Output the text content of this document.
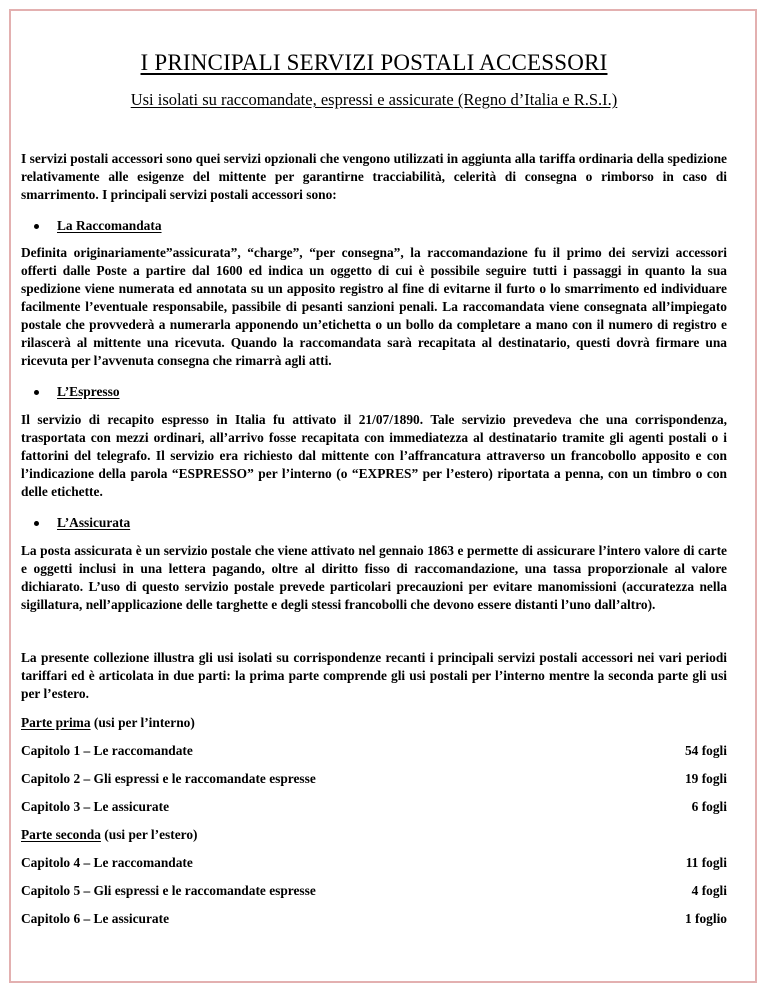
I PRINCIPALI SERVIZI POSTALI ACCESSORI
Usi isolati su raccomandate, espressi e assicurate (Regno d’Italia e R.S.I.)

I servizi postali accessori sono quei servizi opzionali che vengono utilizzati in aggiunta alla tariffa ordinaria della spedizione relativamente alle esigenze del mittente per garantirne tracciabilità, celerità di consegna o rimborso in caso di smarrimento. I principali servizi postali accessori sono:

La Raccomandata

Definita originariamente”assicurata”, “charge”, “per consegna”, la raccomandazione fu il primo dei servizi accessori offerti dalle Poste a partire dal 1600 ed indica un oggetto di cui è possibile seguire tutti i passaggi in quanto la sua spedizione viene numerata ed annotata su un apposito registro al fine di evitarne il furto o lo smarrimento ed individuare facilmente l’eventuale responsabile, passibile di pesanti sanzioni penali. La raccomandata viene consegnata all’impiegato postale che provvederà a numerarla apponendo un’etichetta o un bollo da completare a mano con il numero di registro e rilascerà al mittente una ricevuta. Quando la raccomandata sarà recapitata al destinatario, questi dovrà firmare una ricevuta per l’avvenuta consegna che rimarrà agli atti.

L’Espresso

Il servizio di recapito espresso in Italia fu attivato il 21/07/1890. Tale servizio prevedeva che una corrispondenza, trasportata con mezzi ordinari, all’arrivo fosse recapitata con immediatezza al destinatario tramite gli agenti postali o i fattorini del telegrafo. Il servizio era richiesto dal mittente con l’affrancatura attraverso un francobollo apposito e con l’indicazione della parola “ESPRESSO” per l’interno (o “EXPRES” per l’estero) riportata a penna, con un timbro o con delle etichette.

L’Assicurata

La posta assicurata è un servizio postale che viene attivato nel gennaio 1863 e permette di assicurare l’intero valore di carte e oggetti inclusi in una lettera pagando, oltre al diritto fisso di raccomandazione, una tassa proporzionale al valore dichiarato. L’uso di questo servizio postale prevede particolari precauzioni per evitare manomissioni (accuratezza nella sigillatura, nell’applicazione delle targhette e degli stessi francobolli che devono essere distanti l’uno dall’altro).

La presente collezione illustra gli usi isolati su corrispondenze recanti i principali servizi postali accessori nei vari periodi tariffari ed è articolata in due parti: la prima parte comprende gli usi postali per l’interno mentre la seconda parte gli usi per l’estero.

Parte prima (usi per l’interno)
Capitolo 1 – Le raccomandate	54 fogli
Capitolo 2 – Gli espressi e le raccomandate espresse	19 fogli
Capitolo 3 – Le assicurate	6 fogli
Parte seconda (usi per l’estero)
Capitolo 4 – Le raccomandate	11 fogli
Capitolo 5 – Gli espressi e le raccomandate espresse	4 fogli
Capitolo 6 – Le assicurate	1 foglio
